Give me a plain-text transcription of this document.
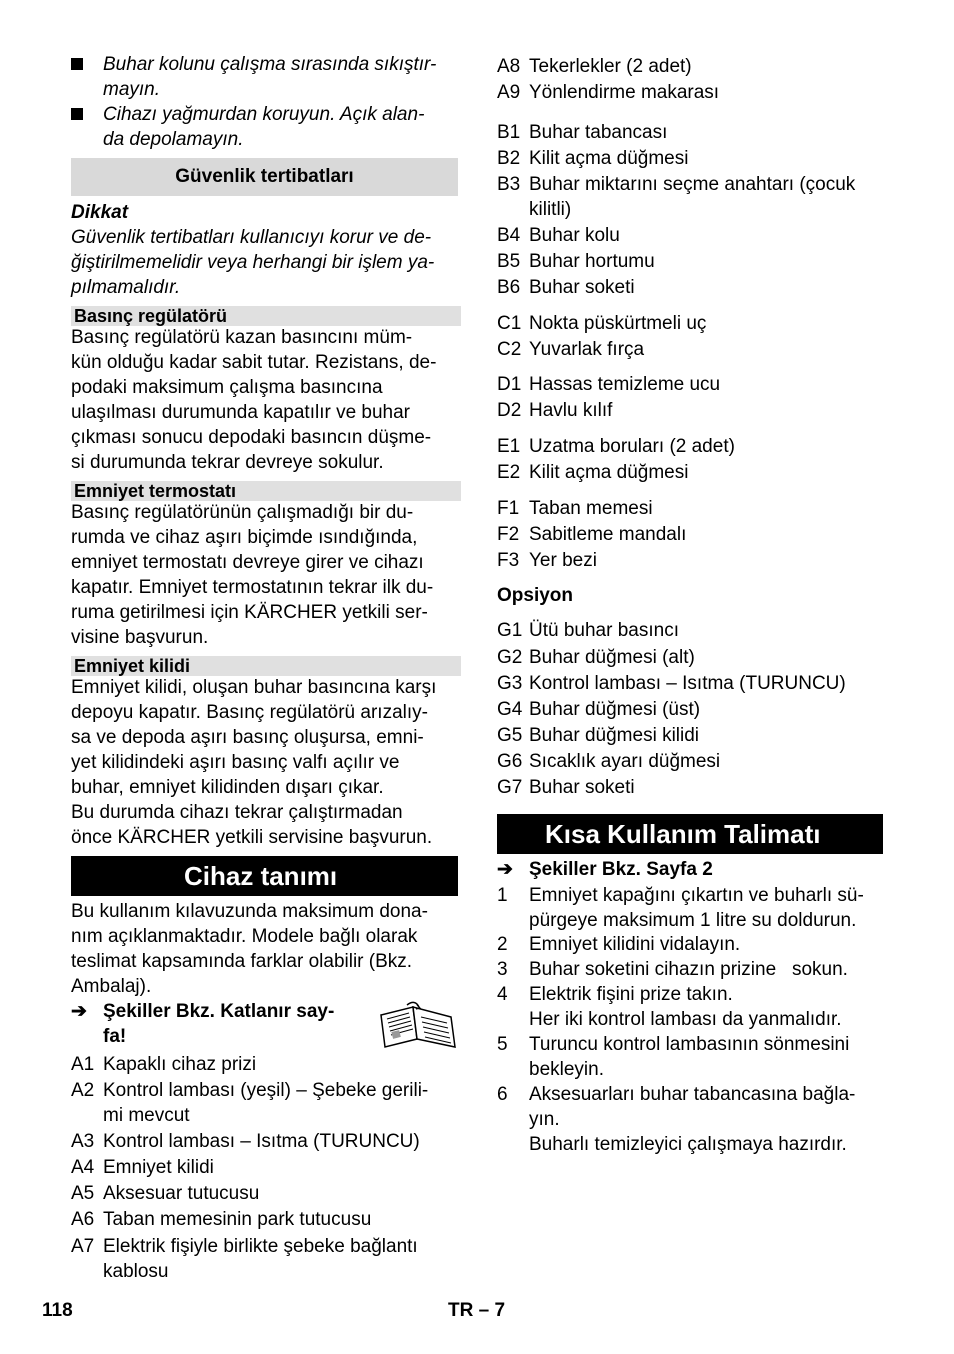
Buhar kolunu çalışma sırasında sıkıştır-
mayın.
Cihazı yağmurdan koruyun. Açık alan-
da depolamayın.
Güvenlik tertibatları
Dikkat
Güvenlik tertibatları kullanıcıyı korur ve de-
ğiştirilmemelidir veya herhangi bir işlem ya-
pılmamalıdır.
Basınç regülatörü
Basınç regülatörü kazan basıncını müm-
kün olduğu kadar sabit tutar. Rezistans, de-
podaki maksimum çalışma basıncına
ulaşılması durumunda kapatılır ve buhar
çıkması sonucu depodaki basıncın düşme-
si durumunda tekrar devreye sokulur.
Emniyet termostatı
Basınç regülatörünün çalışmadığı bir du-
rumda ve cihaz aşırı biçimde ısındığında,
emniyet termostatı devreye girer ve cihazı
kapatır. Emniyet termostatının tekrar ilk du-
ruma getirilmesi için KÄRCHER yetkili ser-
visine başvurun.
Emniyet kilidi
Emniyet kilidi, oluşan buhar basıncına karşı
depoyu kapatır. Basınç regülatörü arızalıy-
sa ve depoda aşırı basınç oluşursa, emni-
yet kilidindeki aşırı basınç valfı açılır ve
buhar, emniyet kilidinden dışarı çıkar.
Bu durumda cihazı tekrar çalıştırmadan
önce KÄRCHER yetkili servisine başvurun.
Cihaz tanımı
Bu kullanım kılavuzunda maksimum dona-
nım açıklanmaktadır. Modele bağlı olarak
teslimat kapsamında farklar olabilir (Bkz.
Ambalaj).
➔ Şekiller Bkz. Katlanır say-
fa!
A1 Kapaklı cihaz prizi
A2 Kontrol lambası (yeşil) – Şebeke gerili-
mi mevcut
A3 Kontrol lambası – Isıtma (TURUNCU)
A4 Emniyet kilidi
A5 Aksesuar tutucusu
A6 Taban memesinin park tutucusu
A7 Elektrik fişiyle birlikte şebeke bağlantı
kablosu
A8 Tekerlekler (2 adet)
A9 Yönlendirme makarası
B1 Buhar tabancası
B2 Kilit açma düğmesi
B3 Buhar miktarını seçme anahtarı (çocuk
kilitli)
B4 Buhar kolu
B5 Buhar hortumu
B6 Buhar soketi
C1 Nokta püskürtmeli uç
C2 Yuvarlak fırça
D1 Hassas temizleme ucu
D2 Havlu kılıf
E1 Uzatma boruları (2 adet)
E2 Kilit açma düğmesi
F1 Taban memesi
F2 Sabitleme mandalı
F3 Yer bezi
Opsiyon
G1 Ütü buhar basıncı
G2 Buhar düğmesi (alt)
G3 Kontrol lambası – Isıtma (TURUNCU)
G4 Buhar düğmesi (üst)
G5 Buhar düğmesi kilidi
G6 Sıcaklık ayarı düğmesi
G7 Buhar soketi
Kısa Kullanım Talimatı
➔ Şekiller Bkz. Sayfa 2
1 Emniyet kapağını çıkartın ve buharlı sü-
pürgeye maksimum 1 litre su doldurun.
2 Emniyet kilidini vidalayın.
3 Buhar soketini cihazın prizine   sokun.
4 Elektrik fişini prize takın.
Her iki kontrol lambası da yanmalıdır.
5 Turuncu kontrol lambasının sönmesini
bekleyin.
6 Aksesuarları buhar tabancasına bağla-
yın.
Buharlı temizleyici çalışmaya hazırdır.
118	TR – 7
